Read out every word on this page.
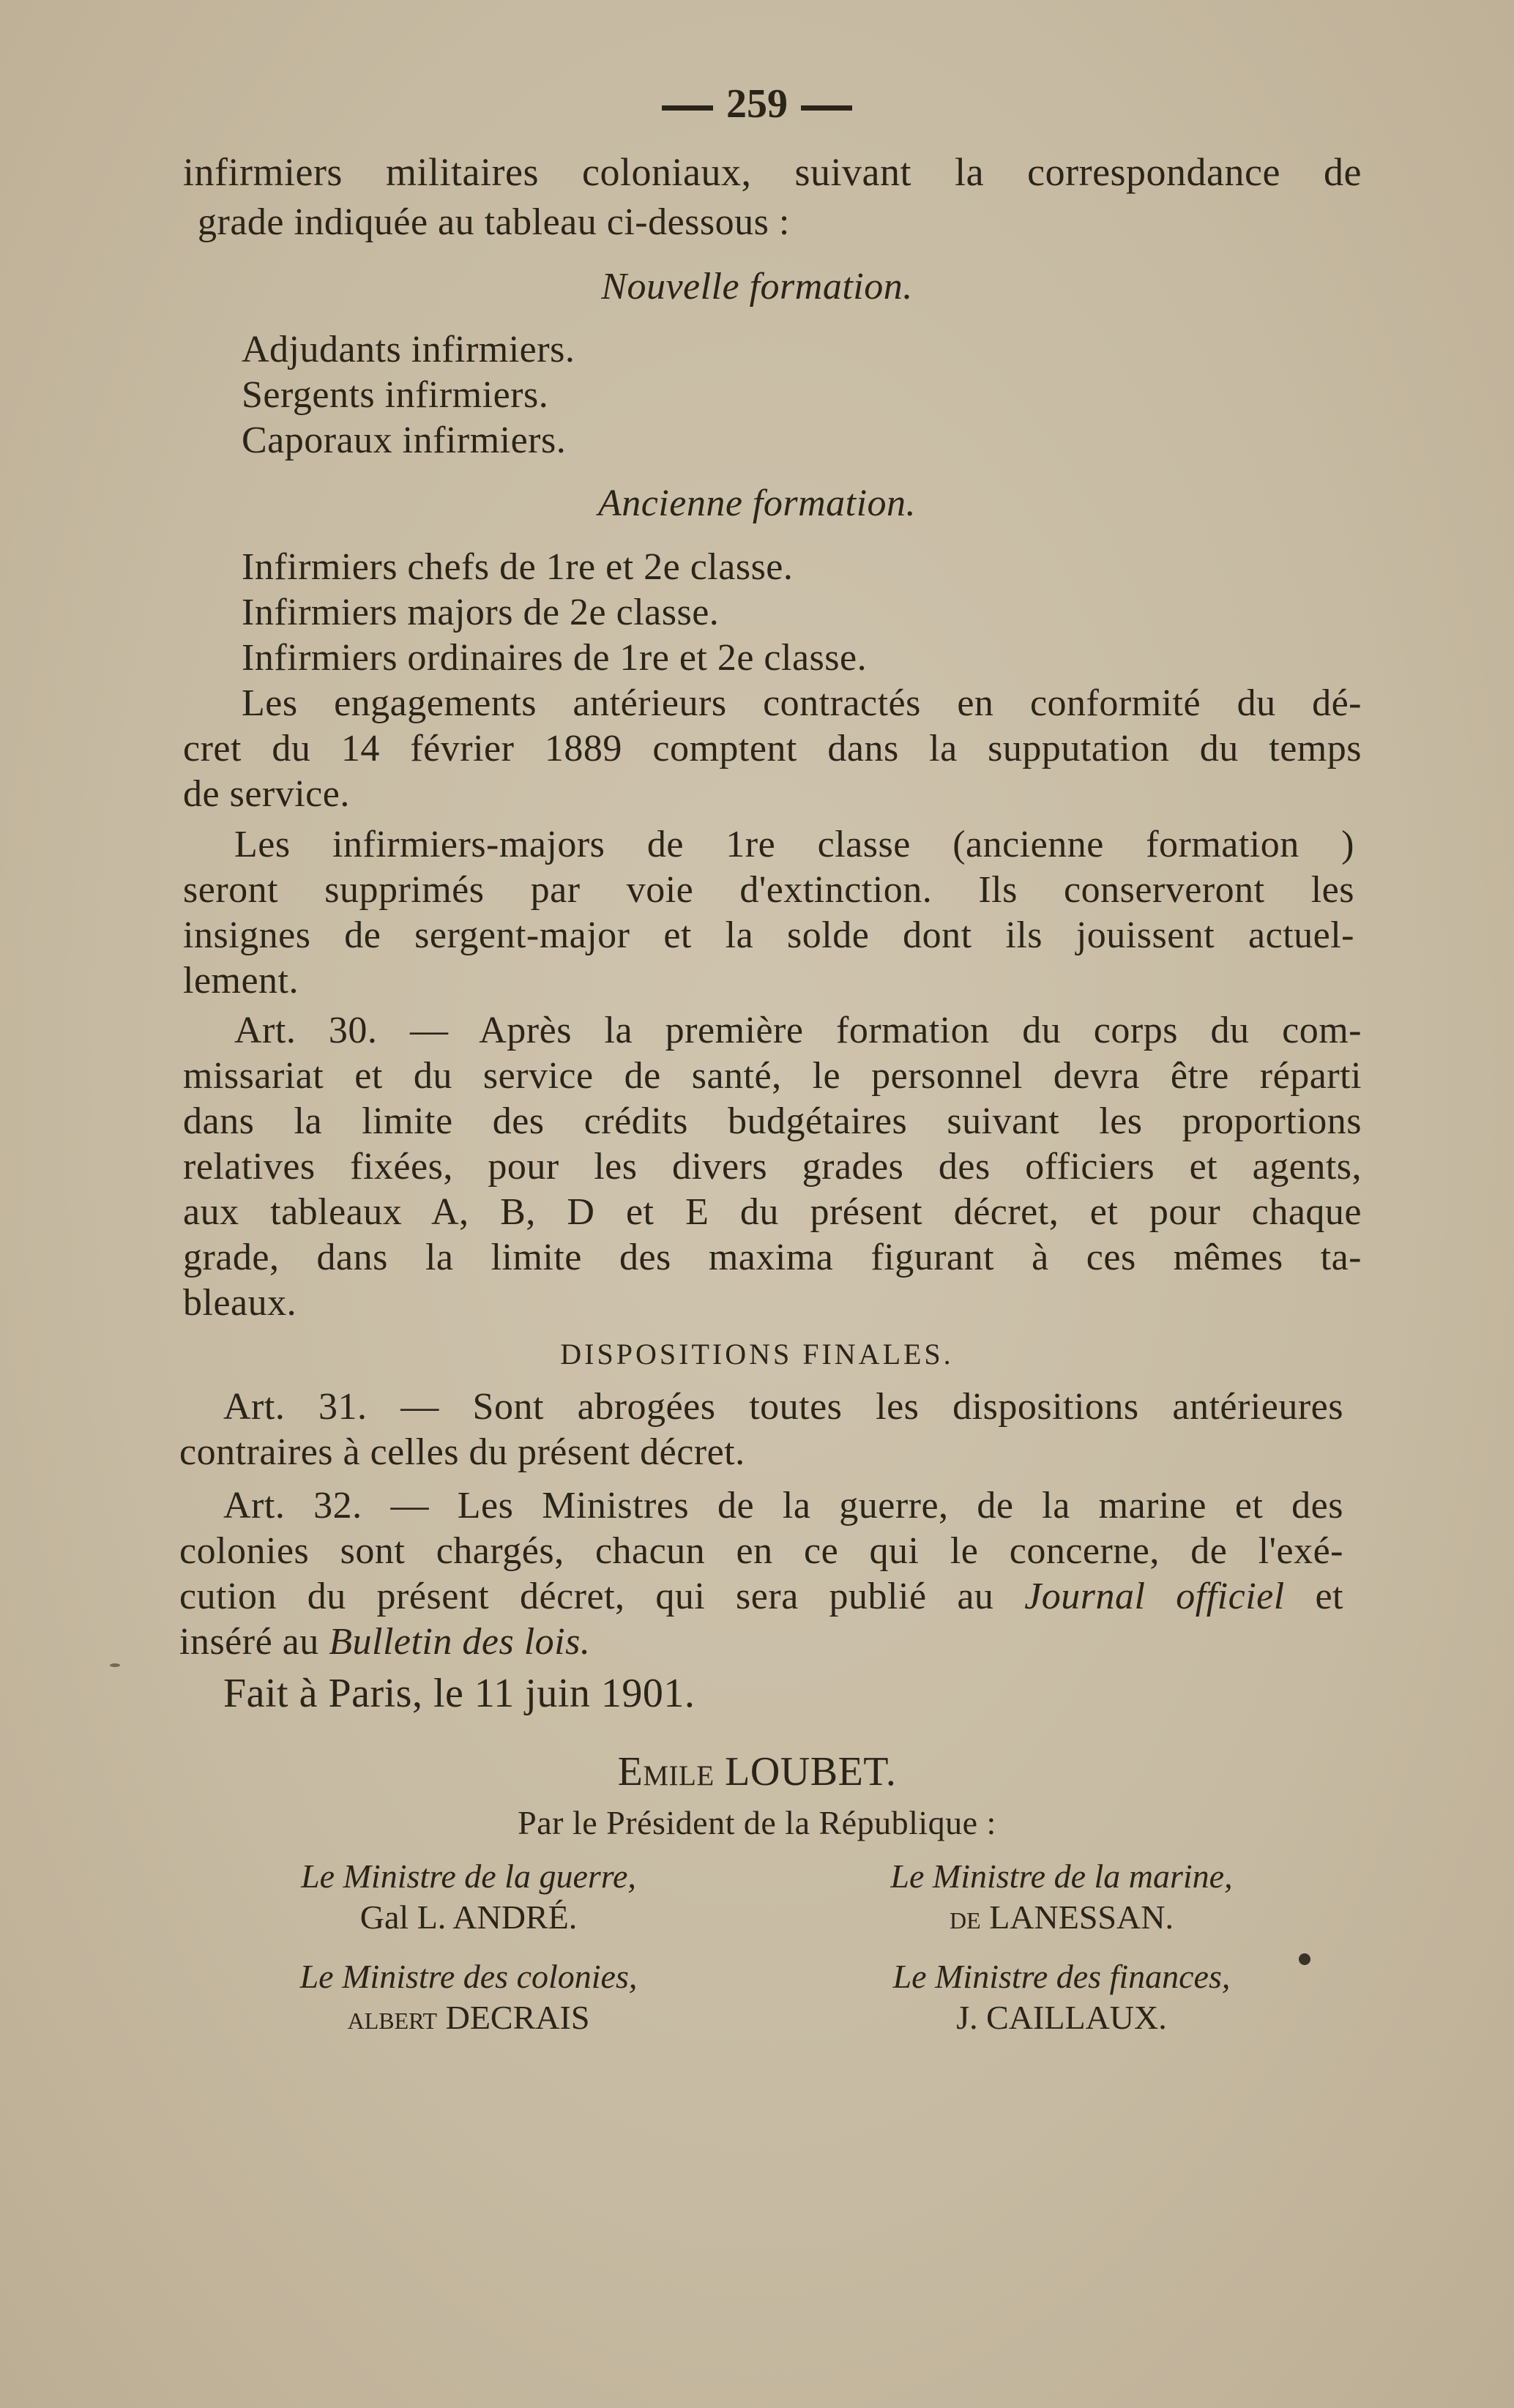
259
infirmiers militaires coloniaux, suivant la correspondance de
grade indiquée au tableau ci-dessous :
Nouvelle formation.
Adjudants infirmiers.
Sergents infirmiers.
Caporaux infirmiers.
Ancienne formation.
Infirmiers chefs de 1re et 2e classe.
Infirmiers majors de 2e classe.
Infirmiers ordinaires de 1re et 2e classe.
Les engagements antérieurs contractés en conformité du dé-
cret du 14 février 1889 comptent dans la supputation du temps
de service.
Les infirmiers-majors de 1re classe (ancienne formation )
seront supprimés par voie d'extinction. Ils conserveront les
insignes de sergent-major et la solde dont ils jouissent actuel-
lement.
Art. 30. — Après la première formation du corps du com-
missariat et du service de santé, le personnel devra être réparti
dans la limite des crédits budgétaires suivant les proportions
relatives fixées, pour les divers grades des officiers et agents,
aux tableaux A, B, D et E du présent décret, et pour chaque
grade, dans la limite des maxima figurant à ces mêmes ta-
bleaux.
DISPOSITIONS FINALES.
Art. 31. — Sont abrogées toutes les dispositions antérieures
contraires à celles du présent décret.
Art. 32. — Les Ministres de la guerre, de la marine et des
colonies sont chargés, chacun en ce qui le concerne, de l'exé-
cution du présent décret, qui sera publié au Journal officiel et
inséré au Bulletin des lois.
Fait à Paris, le 11 juin 1901.
Emile LOUBET.
Par le Président de la République :
Le Ministre de la guerre,
Gal L. ANDRÉ.
Le Ministre de la marine,
de LANESSAN.
Le Ministre des colonies,
albert DECRAIS
Le Ministre des finances,
J. CAILLAUX.
